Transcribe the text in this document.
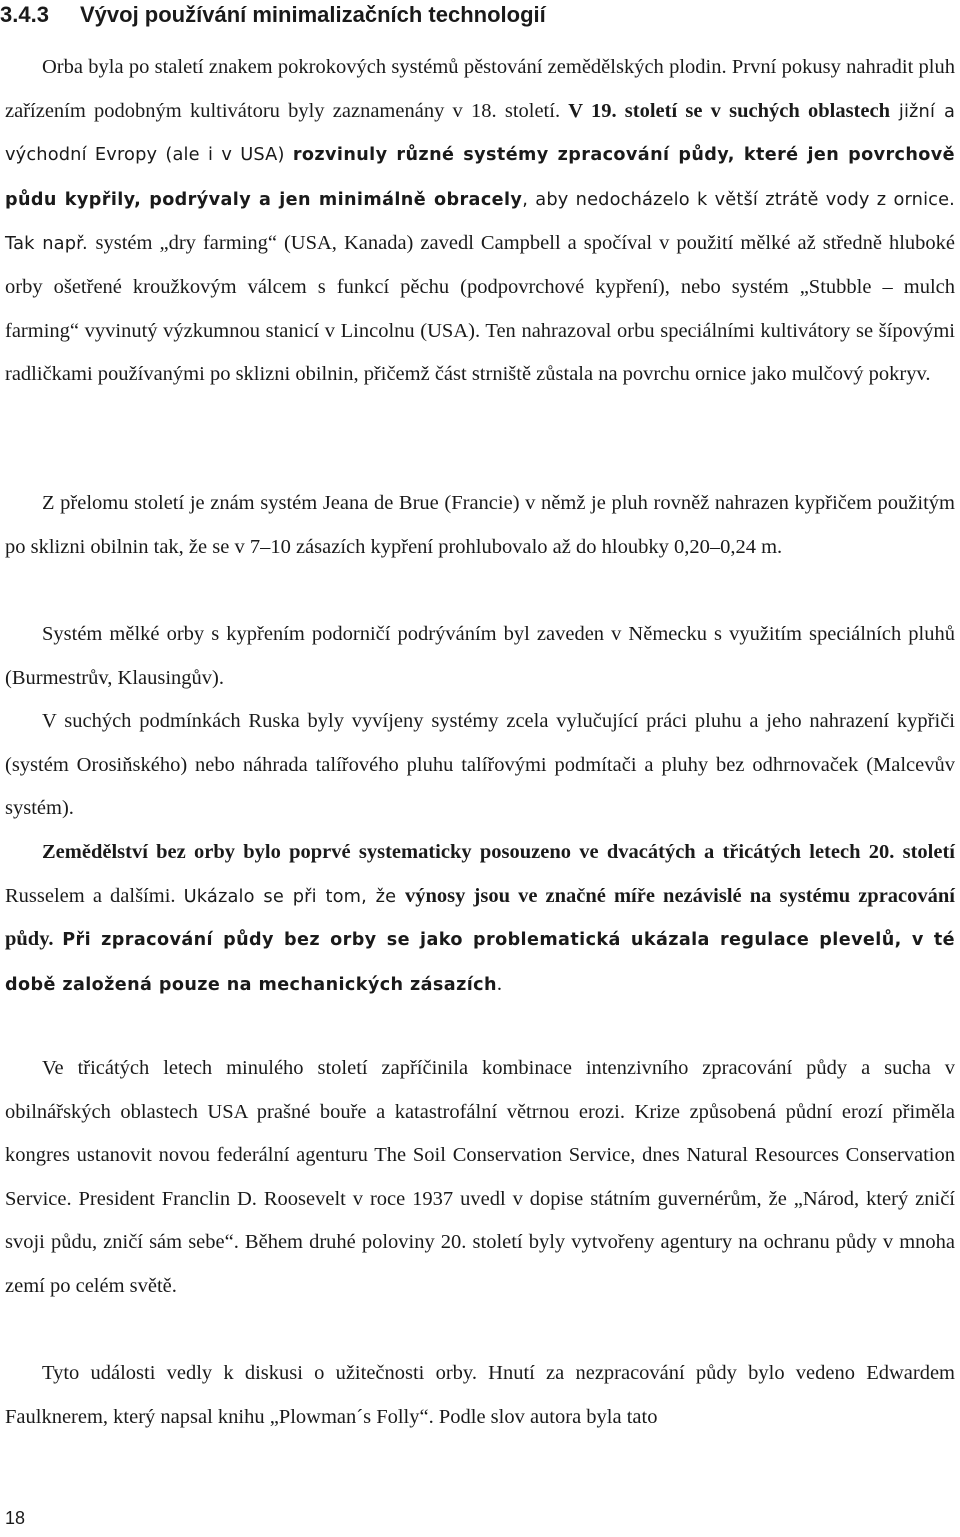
3.4.3 Vývoj používání minimalizačních technologií

Orba byla po staletí znakem pokrokových systémů pěstování zemědělských plodin. První pokusy nahradit pluh zařízením podobným kultivátoru byly zaznamenány v 18. století. V 19. století se v suchých oblastech jižní a východní Evropy (ale i v USA) rozvinuly různé systémy zpracování půdy, které jen povrchově půdu kypřily, podrývaly a jen minimálně obracely, aby nedocházelo k větší ztrátě vody z ornice. Tak např. systém „dry farming“ (USA, Kanada) zavedl Campbell a spočíval v použití mělké až středně hluboké orby ošetřené kroužkovým válcem s funkcí pěchu (podpovrchové kypření), nebo systém „Stubble – mulch farming“ vyvinutý výzkumnou stanicí v Lincolnu (USA). Ten nahrazoval orbu speciálními kultivátory se šípovými radličkami používanými po sklizni obilnin, přičemž část strniště zůstala na povrchu ornice jako mulčový pokryv.

Z přelomu století je znám systém Jeana de Brue (Francie) v němž je pluh rovněž nahrazen kypřičem použitým po sklizni obilnin tak, že se v 7–10 zásazích kypření prohlubovalo až do hloubky 0,20–0,24 m.

Systém mělké orby s kypřením podorničí podrýváním byl zaveden v Německu s využitím speciálních pluhů (Burmestrův, Klausingův).

V suchých podmínkách Ruska byly vyvíjeny systémy zcela vylučující práci pluhu a jeho nahrazení kypřiči (systém Orosiňského) nebo náhrada talířového pluhu talířovými podmítači a pluhy bez odhrnovaček (Malcevův systém).

Zemědělství bez orby bylo poprvé systematicky posouzeno ve dvacátých a třicátých letech 20. století Russelem a dalšími. Ukázalo se při tom, že výnosy jsou ve značné míře nezávislé na systému zpracování půdy. Při zpracování půdy bez orby se jako problematická ukázala regulace plevelů, v té době založená pouze na mechanických zásazích.

Ve třicátých letech minulého století zapříčinila kombinace intenzivního zpracování půdy a sucha v obilnářských oblastech USA prašné bouře a katastrofální větrnou erozi. Krize způsobená půdní erozí přiměla kongres ustanovit novou federální agenturu The Soil Conservation Service, dnes Natural Resources Conservation Service. President Franclin D. Roosevelt v roce 1937 uvedl v dopise státním guvernérům, že „Národ, který zničí svoji půdu, zničí sám sebe“. Během druhé poloviny 20. století byly vytvořeny agentury na ochranu půdy v mnoha zemí po celém světě.

Tyto události vedly k diskusi o užitečnosti orby. Hnutí za nezpracování půdy bylo vedeno Edwardem Faulknerem, který napsal knihu „Plowman´s Folly“. Podle slov autora byla tato

18
